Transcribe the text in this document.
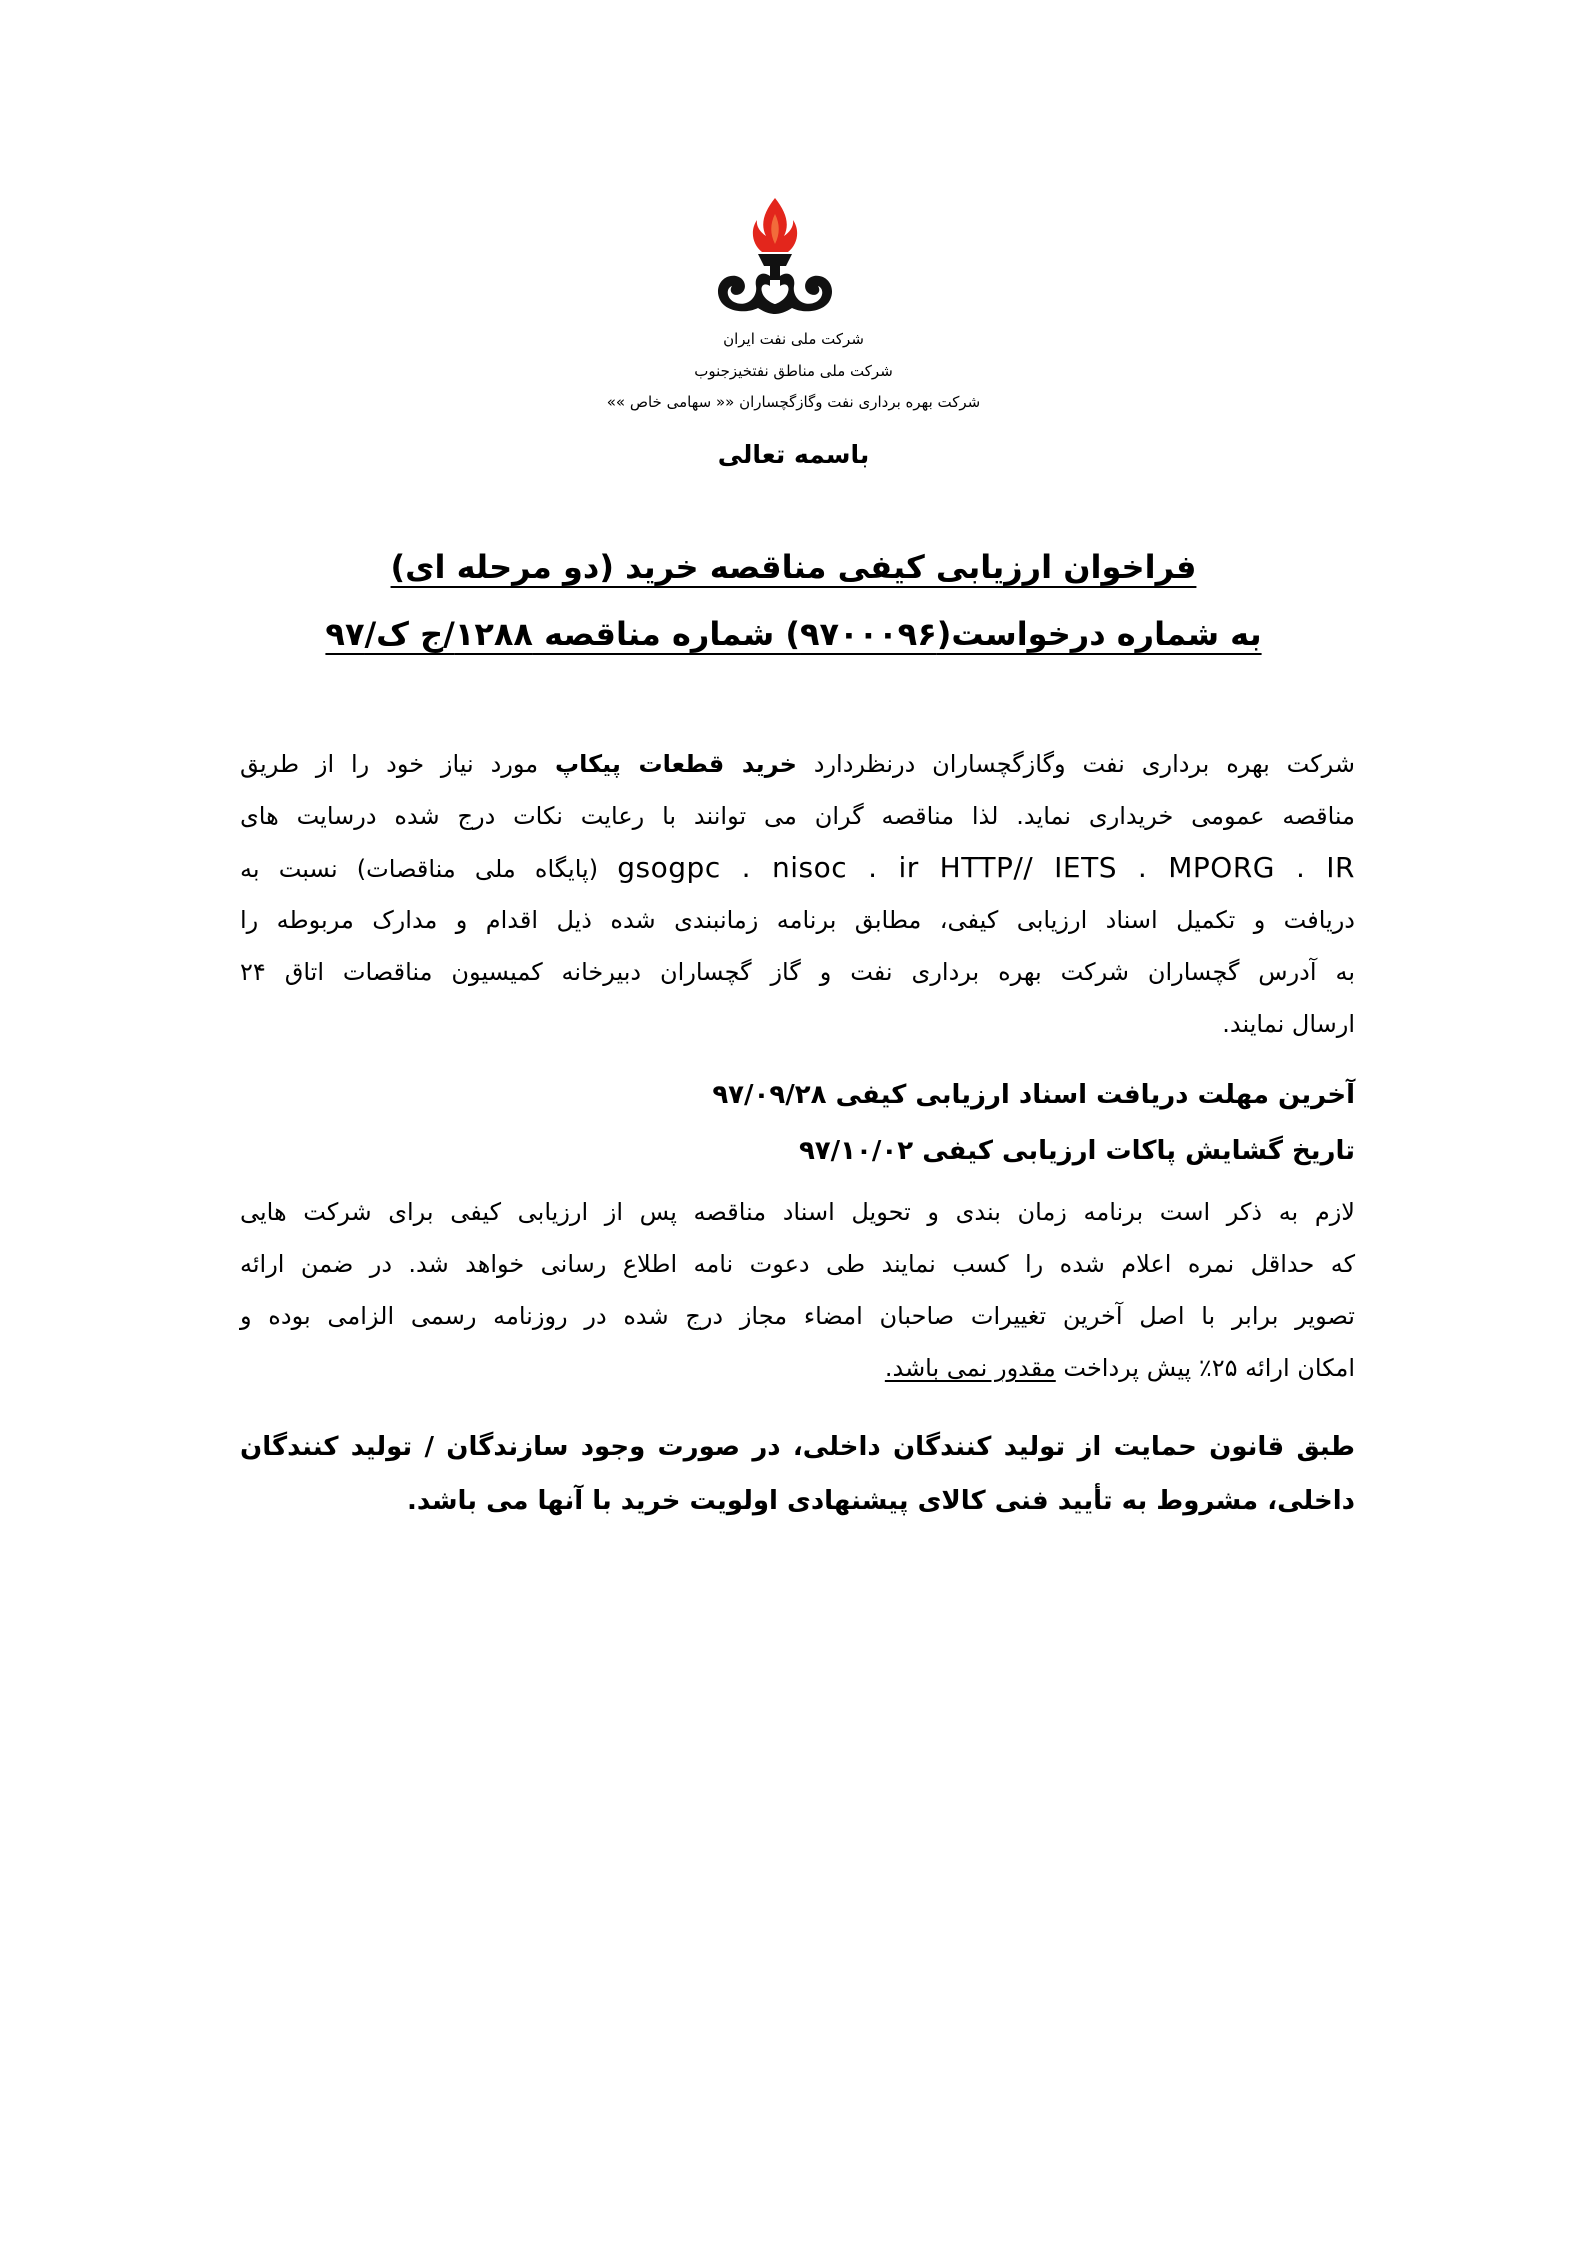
شرکت ملی نفت ایران
شرکت ملی مناطق نفتخیزجنوب
شرکت بهره برداری نفت وگازگچساران «« سهامی خاص »»
باسمه تعالی
فراخوان ارزیابی کیفی مناقصه خرید (دو مرحله ای)
به شماره درخواست(۹۷۰۰۰۹۶) شماره مناقصه ۱۲۸۸/ج ک/۹۷
شرکت بهره برداری نفت وگازگچساران درنظردارد خرید قطعات پیکاپ مورد نیاز خود را از طریق
مناقصه عمومی خریداری نماید. لذا مناقصه گران می توانند با رعایت نکات درج شده درسایت های
gsogpc . nisoc . ir HTTP// IETS . MPORG . IR (پایگاه ملی مناقصات) نسبت به
دریافت و تکمیل اسناد ارزیابی کیفی، مطابق برنامه زمانبندی شده ذیل اقدام و مدارک مربوطه را
به آدرس گچساران شرکت بهره برداری نفت و گاز گچساران دبیرخانه کمیسیون مناقصات اتاق ۲۴
ارسال نمایند.
آخرین مهلت دریافت اسناد ارزیابی کیفی ۹۷/۰۹/۲۸
تاریخ گشایش پاکات ارزیابی کیفی ۹۷/۱۰/۰۲
لازم به ذکر است برنامه زمان بندی و تحویل اسناد مناقصه پس از ارزیابی کیفی برای شرکت هایی
که حداقل نمره اعلام شده را کسب نمایند طی دعوت نامه اطلاع رسانی خواهد شد. در ضمن ارائه
تصویر برابر با اصل آخرین تغییرات صاحبان امضاء مجاز درج شده در روزنامه رسمی الزامی بوده و
امکان ارائه ۲۵٪ پیش پرداخت مقدور نمی باشد.
طبق قانون حمایت از تولید کنندگان داخلی، در صورت وجود سازندگان / تولید کنندگان
داخلی، مشروط به تأیید فنی کالای پیشنهادی اولویت خرید با آنها می باشد.
